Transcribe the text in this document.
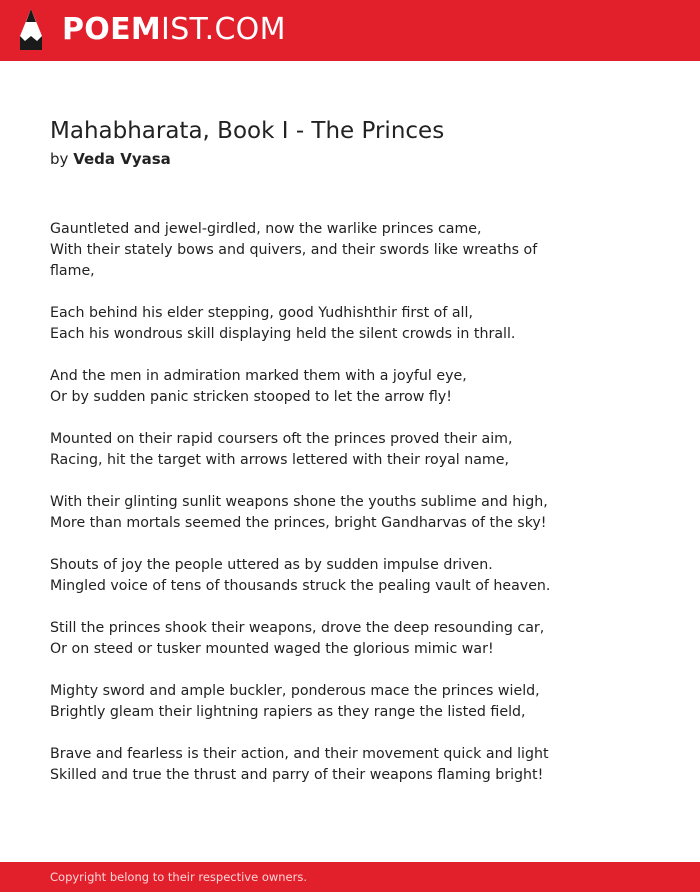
POEMIST.COM
Mahabharata, Book I - The Princes
by Veda Vyasa
Gauntleted and jewel-girdled, now the warlike princes came,
With their stately bows and quivers, and their swords like wreaths of
flame,
Each behind his elder stepping, good Yudhishthir first of all,
Each his wondrous skill displaying held the silent crowds in thrall.
And the men in admiration marked them with a joyful eye,
Or by sudden panic stricken stooped to let the arrow fly!
Mounted on their rapid coursers oft the princes proved their aim,
Racing, hit the target with arrows lettered with their royal name,
With their glinting sunlit weapons shone the youths sublime and high,
More than mortals seemed the princes, bright Gandharvas of the sky!
Shouts of joy the people uttered as by sudden impulse driven.
Mingled voice of tens of thousands struck the pealing vault of heaven.
Still the princes shook their weapons, drove the deep resounding car,
Or on steed or tusker mounted waged the glorious mimic war!
Mighty sword and ample buckler, ponderous mace the princes wield,
Brightly gleam their lightning rapiers as they range the listed field,
Brave and fearless is their action, and their movement quick and light
Skilled and true the thrust and parry of their weapons flaming bright!
Copyright belong to their respective owners.
